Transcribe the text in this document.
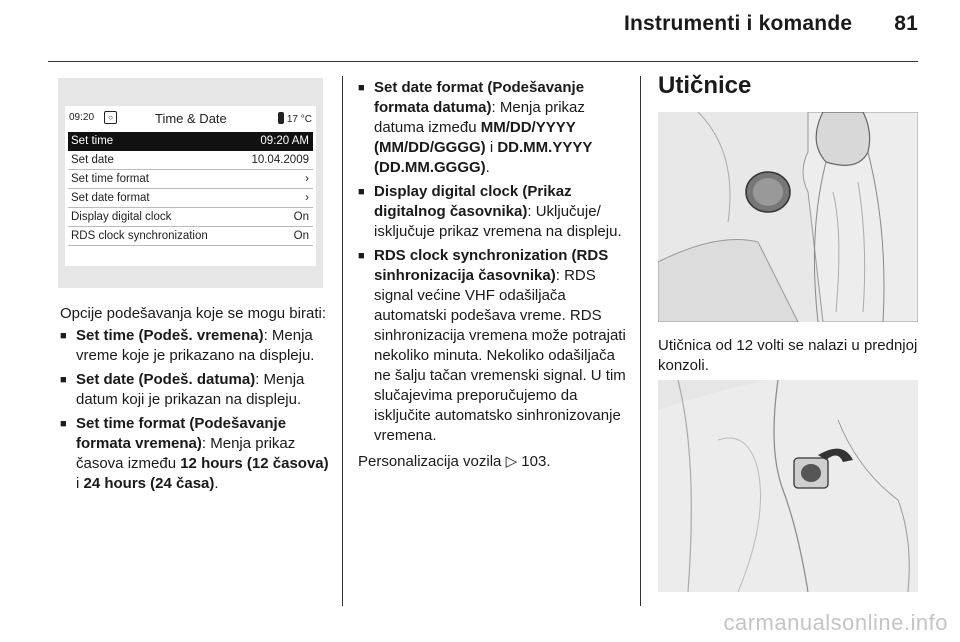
Instrumenti i komande 81
09:20	○	Time & Date	17 °C
Set time	09:20 AM
Set date	10.04.2009
Set time format	›
Set date format	›
Display digital clock	On
RDS clock synchronization	On

Opcije podešavanja koje se mogu birati:

■ Set time (Podeš. vremena): Menja vreme koje je prikazano na displeju.
■ Set date (Podeš. datuma): Menja datum koji je prikazan na displeju.
■ Set time format (Podešavanje formata vremena): Menja prikaz časova između 12 hours (12 časova) i 24 hours (24 časa).
■ Set date format (Podešavanje formata datuma): Menja prikaz datuma između MM/DD/YYYY (MM/DD/GGGG) i DD.MM.YYYY (DD.MM.GGGG).
■ Display digital clock (Prikaz digitalnog časovnika): Uključuje/ isključuje prikaz vremena na displeju.
■ RDS clock synchronization (RDS sinhronizacija časovnika): RDS signal većine VHF odašiljača automatski podešava vreme. RDS sinhronizacija vremena može potrajati nekoliko minuta. Nekoliko odašiljača ne šalju tačan vremenski signal. U tim slučajevima preporučujemo da isključite automatsko sinhronizovanje vremena.

Personalizacija vozila ▷ 103.

Utičnice

Utičnica od 12 volti se nalazi u prednjoj konzoli.

carmanualsonline.info
